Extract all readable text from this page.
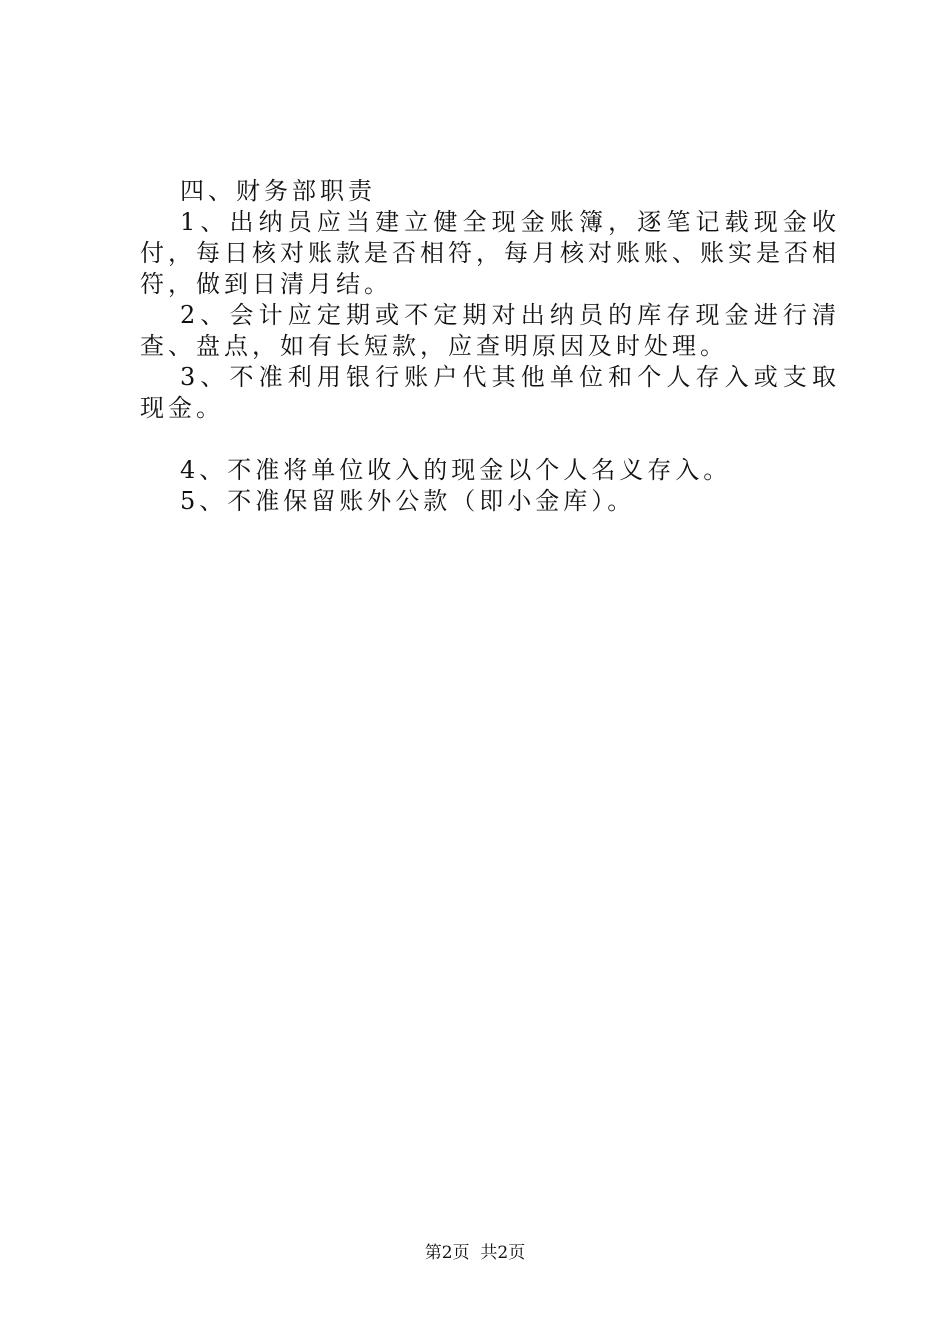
四、财务部职责

1、出纳员应当建立健全现金账簿，逐笔记载现金收付，每日核对账款是否相符，每月核对账账、账实是否相符，做到日清月结。

2、会计应定期或不定期对出纳员的库存现金进行清查、盘点，如有长短款，应查明原因及时处理。

3、不准利用银行账户代其他单位和个人存入或支取现金。

4、不准将单位收入的现金以个人名义存入。

5、不准保留账外公款（即小金库）。

第2页 共2页
